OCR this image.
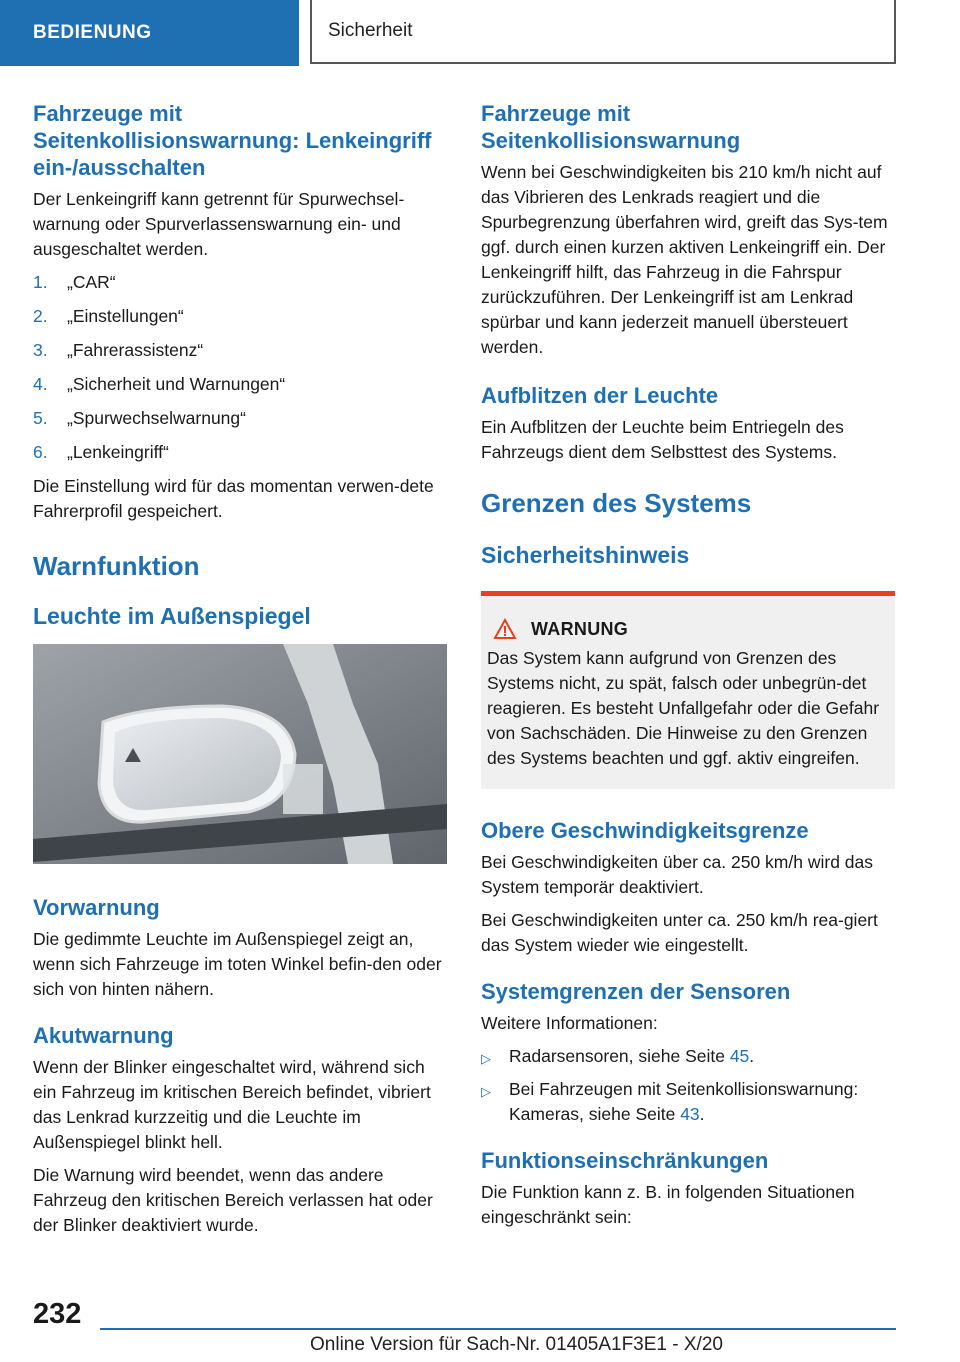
BEDIENUNG	Sicherheit
Fahrzeuge mit Seitenkollisionswarnung: Lenkeingriff ein-/ausschalten

Der Lenkeingriff kann getrennt für Spurwechsel-warnung oder Spurverlassenswarnung ein- und ausgeschaltet werden.

1.	„CAR“
2.	„Einstellungen“
3.	„Fahrerassistenz“
4.	„Sicherheit und Warnungen“
5.	„Spurwechselwarnung“
6.	„Lenkeingriff“

Die Einstellung wird für das momentan verwen-dete Fahrerprofil gespeichert.

Warnfunktion
Leuchte im Außenspiegel
Vorwarnung

Die gedimmte Leuchte im Außenspiegel zeigt an, wenn sich Fahrzeuge im toten Winkel befin-den oder sich von hinten nähern.

Akutwarnung

Wenn der Blinker eingeschaltet wird, während sich ein Fahrzeug im kritischen Bereich befindet, vibriert das Lenkrad kurzzeitig und die Leuchte im Außenspiegel blinkt hell.

Die Warnung wird beendet, wenn das andere Fahrzeug den kritischen Bereich verlassen hat oder der Blinker deaktiviert wurde.

Fahrzeuge mit Seitenkollisionswarnung

Wenn bei Geschwindigkeiten bis 210 km/h nicht auf das Vibrieren des Lenkrads reagiert und die Spurbegrenzung überfahren wird, greift das Sys-tem ggf. durch einen kurzen aktiven Lenkeingriff ein. Der Lenkeingriff hilft, das Fahrzeug in die Fahrspur zurückzuführen. Der Lenkeingriff ist am Lenkrad spürbar und kann jederzeit manuell übersteuert werden.

Aufblitzen der Leuchte

Ein Aufblitzen der Leuchte beim Entriegeln des Fahrzeugs dient dem Selbsttest des Systems.

Grenzen des Systems
Sicherheitshinweis
WARNUNG

Das System kann aufgrund von Grenzen des Systems nicht, zu spät, falsch oder unbegrün-det reagieren. Es besteht Unfallgefahr oder die Gefahr von Sachschäden. Die Hinweise zu den Grenzen des Systems beachten und ggf. aktiv eingreifen.

Obere Geschwindigkeitsgrenze

Bei Geschwindigkeiten über ca. 250 km/h wird das System temporär deaktiviert.

Bei Geschwindigkeiten unter ca. 250 km/h rea-giert das System wieder wie eingestellt.

Systemgrenzen der Sensoren

Weitere Informationen:

▷	Radarsensoren, siehe Seite 45.
▷	Bei Fahrzeugen mit Seitenkollisionswarnung: Kameras, siehe Seite 43.
Funktionseinschränkungen

Die Funktion kann z. B. in folgenden Situationen eingeschränkt sein:

232
Online Version für Sach-Nr. 01405A1F3E1 - X/20
